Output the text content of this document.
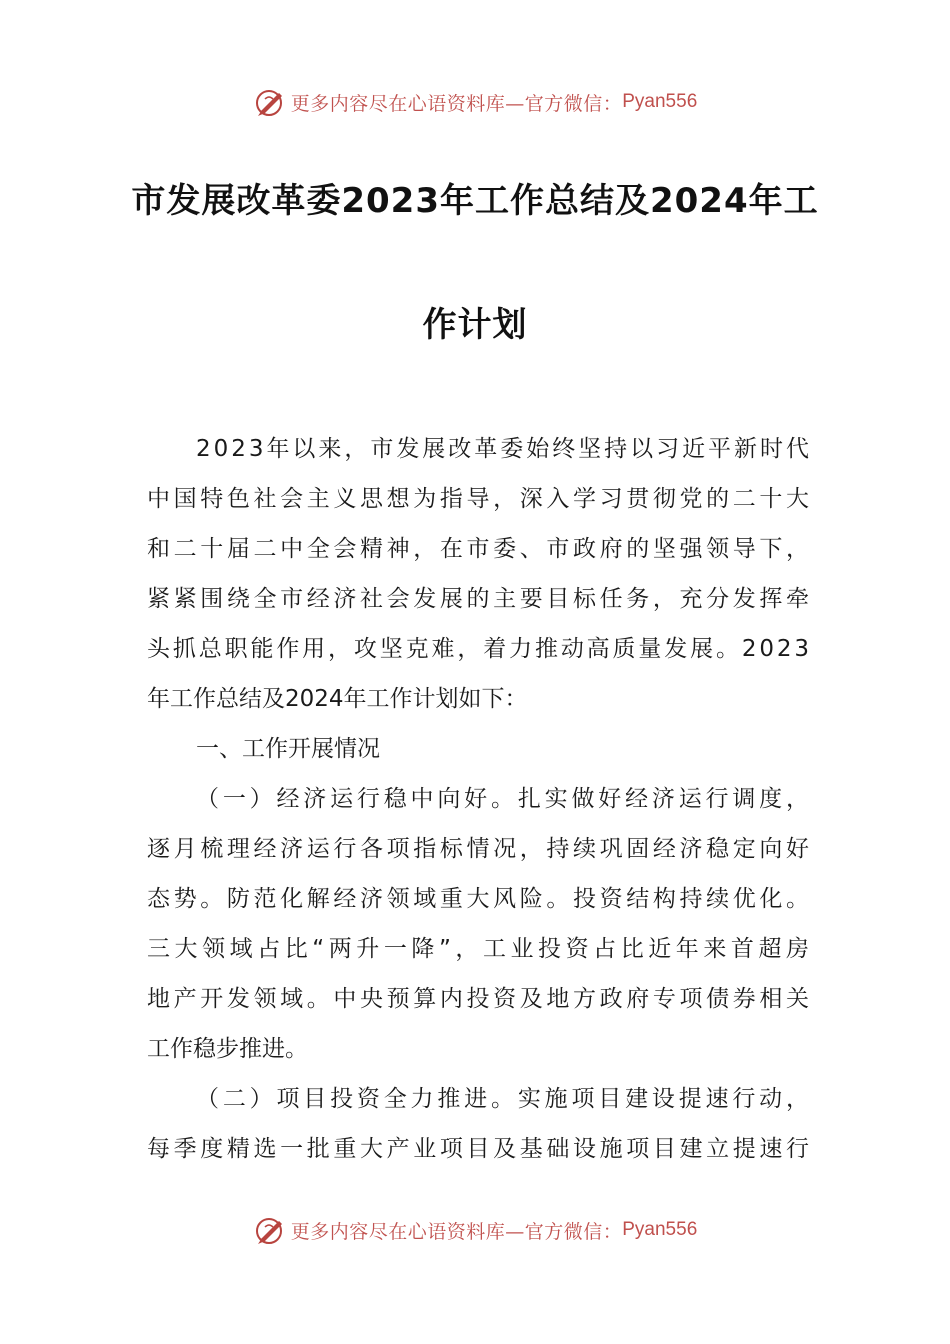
更多内容尽在心语资料库—官方微信： Pyan556
市发展改革委2023年工作总结及2024年工
作计划
2023年以来，市发展改革委始终坚持以习近平新时代
中国特色社会主义思想为指导，深入学习贯彻党的二十大
和二十届二中全会精神，在市委、市政府的坚强领导下，
紧紧围绕全市经济社会发展的主要目标任务，充分发挥牵
头抓总职能作用，攻坚克难，着力推动高质量发展。2023
年工作总结及2024年工作计划如下：
一、工作开展情况
（一）经济运行稳中向好。扎实做好经济运行调度，
逐月梳理经济运行各项指标情况，持续巩固经济稳定向好
态势。防范化解经济领域重大风险。投资结构持续优化。
三大领域占比“两升一降”，工业投资占比近年来首超房
地产开发领域。中央预算内投资及地方政府专项债券相关
工作稳步推进。
（二）项目投资全力推进。实施项目建设提速行动，
每季度精选一批重大产业项目及基础设施项目建立提速行
更多内容尽在心语资料库—官方微信： Pyan556
